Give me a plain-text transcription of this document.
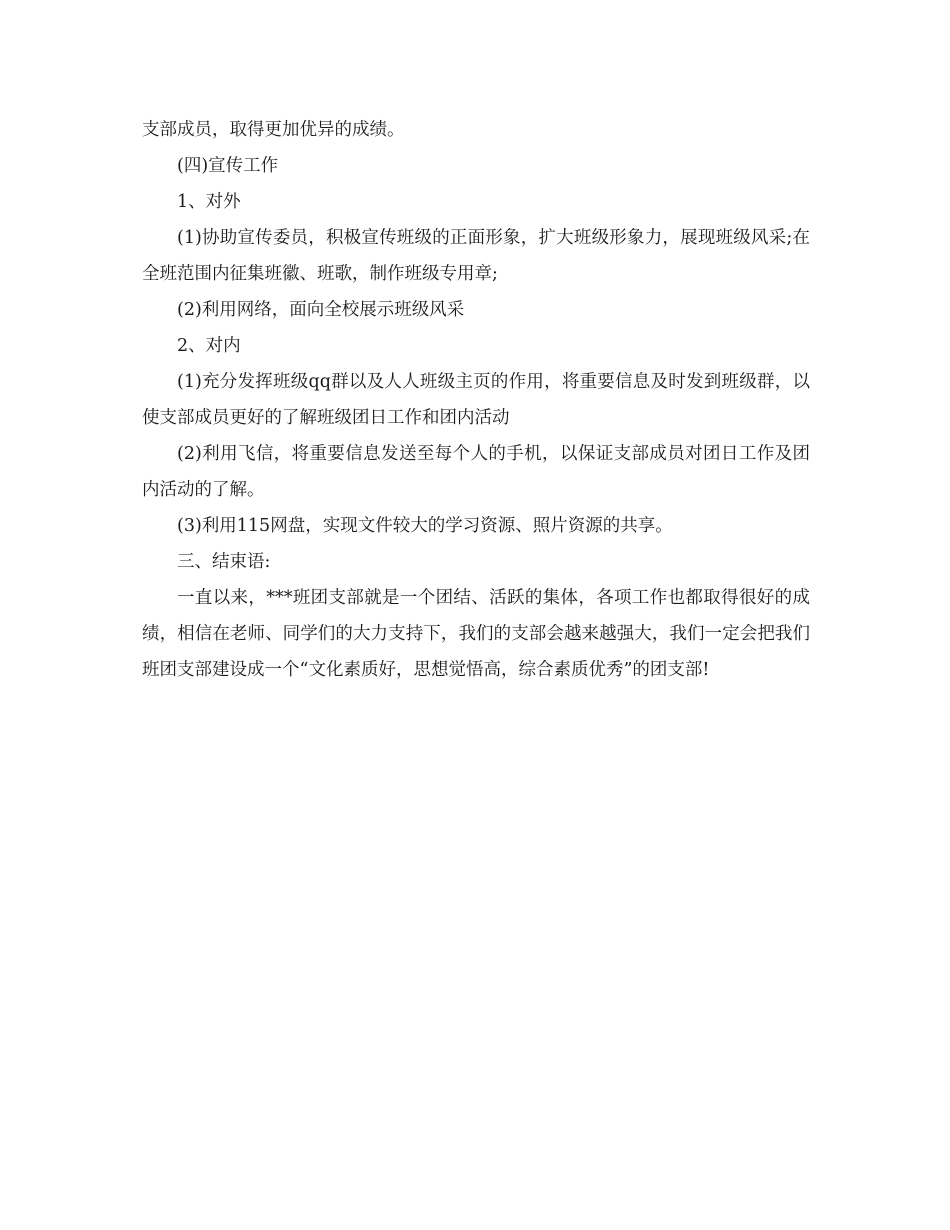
支部成员，取得更加优异的成绩。

(四)宣传工作

1、对外

(1)协助宣传委员，积极宣传班级的正面形象，扩大班级形象力，展现班级风采;在全班范围内征集班徽、班歌，制作班级专用章;

(2)利用网络，面向全校展示班级风采

2、对内

(1)充分发挥班级qq群以及人人班级主页的作用，将重要信息及时发到班级群，以使支部成员更好的了解班级团日工作和团内活动

(2)利用飞信，将重要信息发送至每个人的手机，以保证支部成员对团日工作及团内活动的了解。

(3)利用115网盘，实现文件较大的学习资源、照片资源的共享。

三、结束语:

一直以来，***班团支部就是一个团结、活跃的集体，各项工作也都取得很好的成绩，相信在老师、同学们的大力支持下，我们的支部会越来越强大，我们一定会把我们班团支部建设成一个“文化素质好，思想觉悟高，综合素质优秀”的团支部!
